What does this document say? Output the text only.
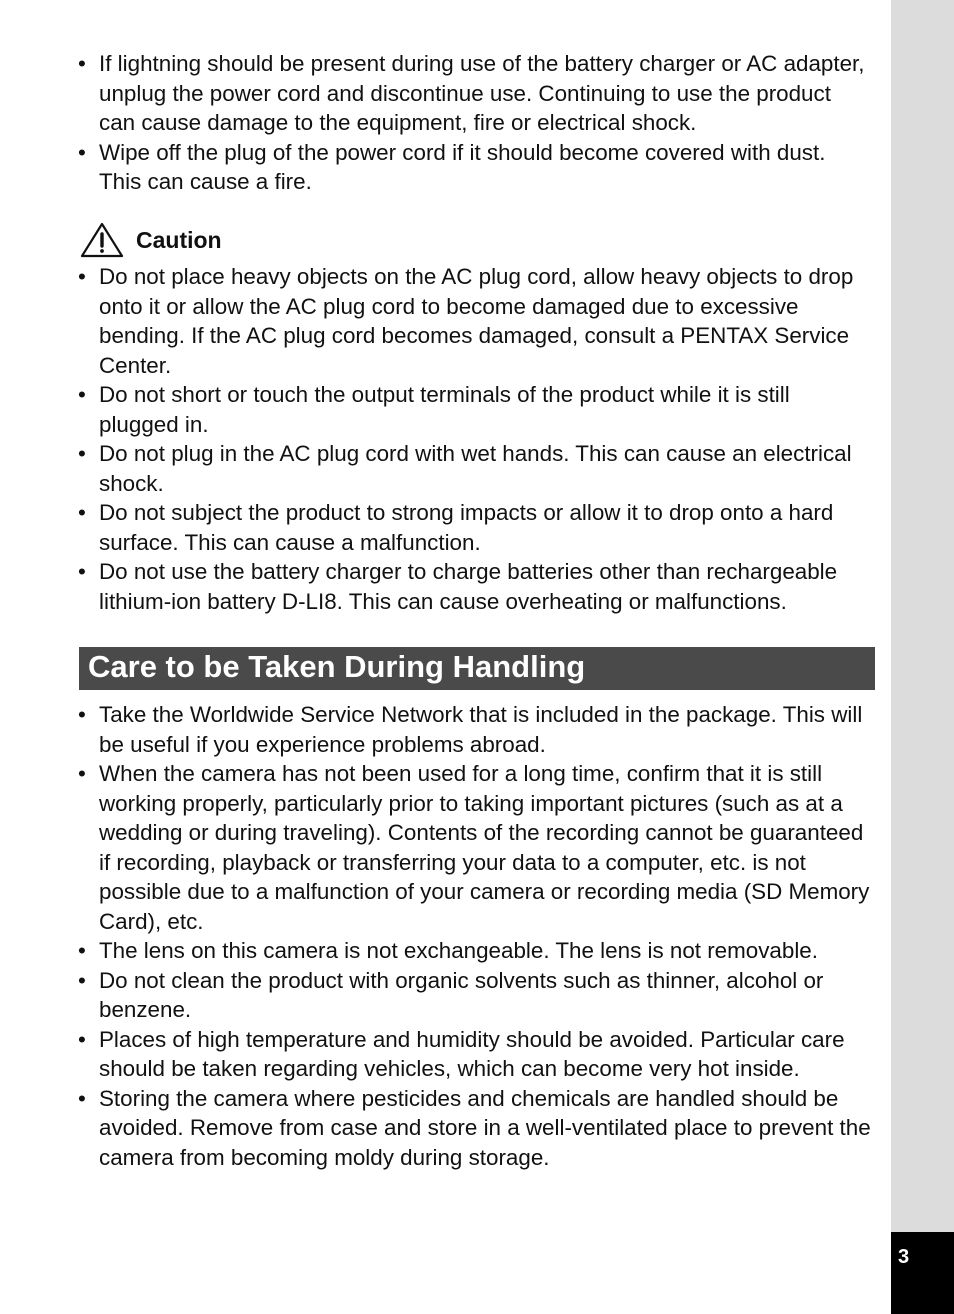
3
• If lightning should be present during use of the battery charger or AC adapter, unplug the power cord and discontinue use. Continuing to use the product can cause damage to the equipment, fire or electrical shock.
• Wipe off the plug of the power cord if it should become covered with dust. This can cause a fire.
Caution
• Do not place heavy objects on the AC plug cord, allow heavy objects to drop onto it or allow the AC plug cord to become damaged due to excessive bending. If the AC plug cord becomes damaged, consult a PENTAX Service Center.
• Do not short or touch the output terminals of the product while it is still plugged in.
• Do not plug in the AC plug cord with wet hands. This can cause an electrical shock.
• Do not subject the product to strong impacts or allow it to drop onto a hard surface. This can cause a malfunction.
• Do not use the battery charger to charge batteries other than rechargeable lithium-ion battery D-LI8. This can cause overheating or malfunctions.
Care to be Taken During Handling
• Take the Worldwide Service Network that is included in the package. This will be useful if you experience problems abroad.
• When the camera has not been used for a long time, confirm that it is still working properly, particularly prior to taking important pictures (such as at a wedding or during traveling). Contents of the recording cannot be guaranteed if recording, playback or transferring your data to a computer, etc. is not possible due to a malfunction of your camera or recording media (SD Memory Card), etc.
• The lens on this camera is not exchangeable. The lens is not removable.
• Do not clean the product with organic solvents such as thinner, alcohol or benzene.
• Places of high temperature and humidity should be avoided. Particular care should be taken regarding vehicles, which can become very hot inside.
• Storing the camera where pesticides and chemicals are handled should be avoided. Remove from case and store in a well-ventilated place to prevent the camera from becoming moldy during storage.
